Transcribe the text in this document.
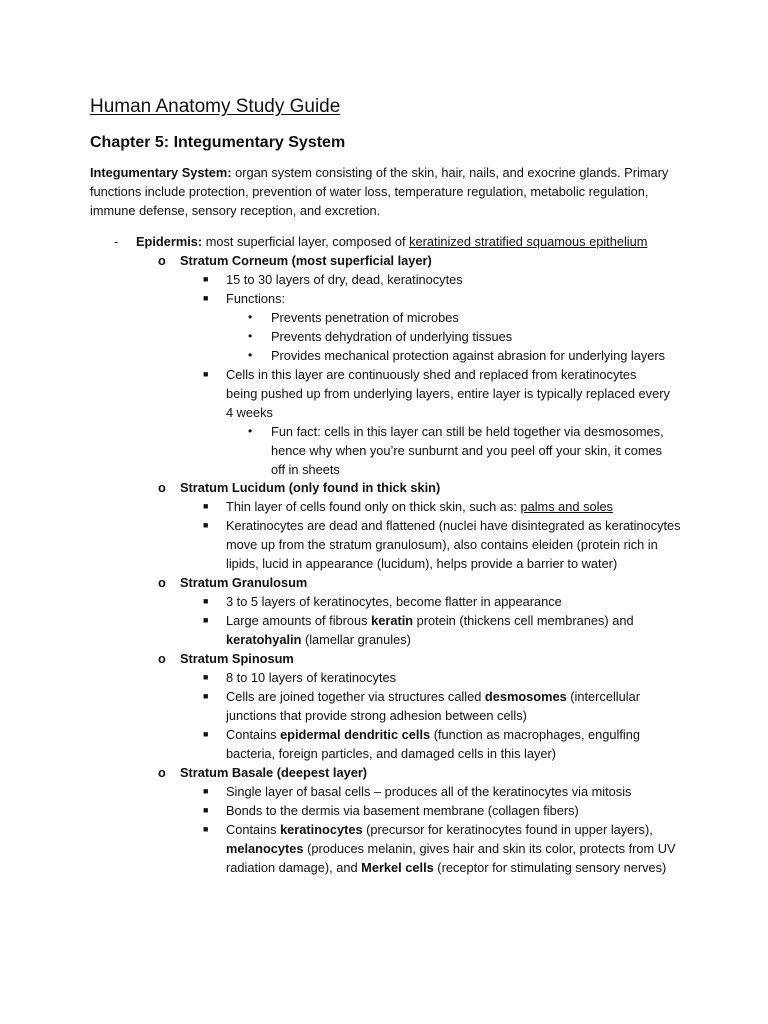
Human Anatomy Study Guide
Chapter 5: Integumentary System
Integumentary System: organ system consisting of the skin, hair, nails, and exocrine glands. Primary functions include protection, prevention of water loss, temperature regulation, metabolic regulation, immune defense, sensory reception, and excretion.
- Epidermis: most superficial layer, composed of keratinized stratified squamous epithelium
o Stratum Corneum (most superficial layer)
■ 15 to 30 layers of dry, dead, keratinocytes
■ Functions:
• Prevents penetration of microbes
• Prevents dehydration of underlying tissues
• Provides mechanical protection against abrasion for underlying layers
■ Cells in this layer are continuously shed and replaced from keratinocytes being pushed up from underlying layers, entire layer is typically replaced every 4 weeks
• Fun fact: cells in this layer can still be held together via desmosomes, hence why when you’re sunburnt and you peel off your skin, it comes off in sheets
o Stratum Lucidum (only found in thick skin)
■ Thin layer of cells found only on thick skin, such as: palms and soles
■ Keratinocytes are dead and flattened (nuclei have disintegrated as keratinocytes move up from the stratum granulosum), also contains eleiden (protein rich in lipids, lucid in appearance (lucidum), helps provide a barrier to water)
o Stratum Granulosum
■ 3 to 5 layers of keratinocytes, become flatter in appearance
■ Large amounts of fibrous keratin protein (thickens cell membranes) and keratohyalin (lamellar granules)
o Stratum Spinosum
■ 8 to 10 layers of keratinocytes
■ Cells are joined together via structures called desmosomes (intercellular junctions that provide strong adhesion between cells)
■ Contains epidermal dendritic cells (function as macrophages, engulfing bacteria, foreign particles, and damaged cells in this layer)
o Stratum Basale (deepest layer)
■ Single layer of basal cells – produces all of the keratinocytes via mitosis
■ Bonds to the dermis via basement membrane (collagen fibers)
■ Contains keratinocytes (precursor for keratinocytes found in upper layers), melanocytes (produces melanin, gives hair and skin its color, protects from UV radiation damage), and Merkel cells (receptor for stimulating sensory nerves)
